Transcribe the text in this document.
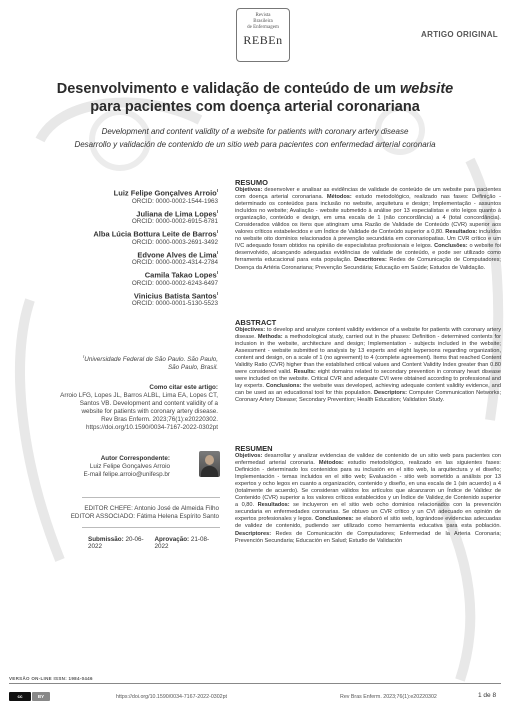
Revista
Brasileira
de Enfermagem
REBEn	ARTIGO ORIGINAL
Desenvolvimento e validação de conteúdo de um website
para pacientes com doença arterial coronariana
Development and content validity of a website for patients with coronary artery disease
Desarrollo y validación de contenido de un sitio web para pacientes con enfermedad arterial coronaria
Luiz Felipe Gonçalves Arroio$^I$
ORCID: 0000-0002-1544-1963
Juliana de Lima Lopes$^I$
ORCID: 0000-0002-6915-6781
Alba Lúcia Bottura Leite de Barros$^I$
ORCID: 0000-0003-2691-3492
Edvone Alves de Lima$^I$
ORCID: 0000-0002-4314-2784
Camila Takao Lopes$^I$
ORCID: 0000-0002-6243-6497
Vinicius Batista Santos$^I$
ORCID: 0000-0001-5130-5523
$^I$Universidade Federal de São Paulo. São Paulo,
São Paulo, Brasil.
Como citar este artigo:
Arroio LFG, Lopes JL, Barros ALBL, Lima EA, Lopes CT,
Santos VB. Development and content validity of a
website for patients with coronary artery disease.
Rev Bras Enferm. 2023;76(1):e20220302.
https://doi.org/10.1590/0034-7167-2022-0302pt
Autor Correspondente:
Luiz Felipe Gonçalves Arroio
E-mail felipe.arroio@unifesp.br
EDITOR CHEFE: Antonio José de Almeida Filho
EDITOR ASSOCIADO: Fátima Helena Espírito Santo
Submissão: 20-06-2022
Aprovação: 21-08-2022
RESUMO
Objetivos: desenvolver e analisar as evidências de validade de conteúdo de um website para pacientes com doença arterial coronariana. Métodos: estudo metodológico, realizado nas fases: Definição - determinado os conteúdos para inclusão no website, arquitetura e design; Implementação - assuntos incluídos no website; Avaliação - website submetido à análise por 13 especialistas e oito leigos quanto à organização, conteúdo e design, em uma escala de 1 (não concordância) a 4 (total concordância). Considerados válidos os itens que atingiram uma Razão de Validade de Conteúdo (CVR) superior aos valores críticos estabelecidos e um Índice de Validade de Conteúdo superior a 0,80. Resultados: incluídos no website oito domínios relacionados à prevenção secundária em coronariopatias. Um CVR crítico e um IVC adequado foram obtidos na opinião de especialistas profissionais e leigos. Conclusões: o website foi desenvolvido, alcançando adequadas evidências de validade de conteúdo, e pode ser utilizado como ferramenta educacional para esta população. Descritores: Redes de Comunicação de Computadores; Doença da Artéria Coronariana; Prevenção Secundária; Educação em Saúde; Estudos de Validação.
ABSTRACT
Objectives: to develop and analyze content validity evidence of a website for patients with coronary artery disease. Methods: a methodological study, carried out in the phases: Definition - determined contents for inclusion in the website, architecture and design; Implementation - subjects included in the website; Assessment - website submitted to analysis by 13 experts and eight laypersons regarding organization, content and design, on a scale of 1 (no agreement) to 4 (complete agreement). Items that reached Content Validity Ratio (CVR) higher than the established critical values and Content Validity Index greater than 0.80 were considered valid. Results: eight domains related to secondary prevention in coronary heart disease were included on the website. Critical CVR and adequate CVI were obtained according to professional and lay experts. Conclusions: the website was developed, achieving adequate content validity evidence, and can be used as an educational tool for this population. Descriptors: Computer Communication Networks; Coronary Artery Disease; Secondary Prevention; Health Education; Validation Study.
RESUMEN
Objetivos: desarrollar y analizar evidencias de validez de contenido de un sitio web para pacientes con enfermedad arterial coronaria. Métodos: estudio metodológico, realizado en las siguientes fases: Definición - determinado los contenidos para su inclusión en el sitio web, la arquitectura y el diseño; Implementación - temas incluidos en el sitio web; Evaluación - sitio web sometido a análisis por 13 expertos y ocho legos en cuanto a organización, contenido y diseño, en una escala de 1 (sin acuerdo) a 4 (totalmente de acuerdo). Se consideran válidos los artículos que alcanzaron un Índice de Validez de Contenido (CVR) superior a los valores críticos establecidos y un Índice de Validez de Contenido superior a 0,80. Resultados: se incluyeron en el sitio web ocho dominios relacionados con la prevención secundaria en enfermedades coronarias. Se obtuvo un CVR crítico y un CVI adecuado en opinión de expertos profesionales y legos. Conclusiones: se elaboró el sitio web, lográndose evidencias adecuadas de validez de contenido, pudiendo ser utilizado como herramienta educativa para esta población. Descriptores: Redes de Comunicación de Computadores; Enfermedad de la Arteria Coronaria; Prevención Secundaria; Educación en Salud; Estudio de Validación
VERSÃO ON-LINE ISSN: 1984-0446
cc	BY	https://doi.org/10.1590/0034-7167-2022-0302pt	Rev Bras Enferm. 2023;76(1):e20220302	1 de 8
